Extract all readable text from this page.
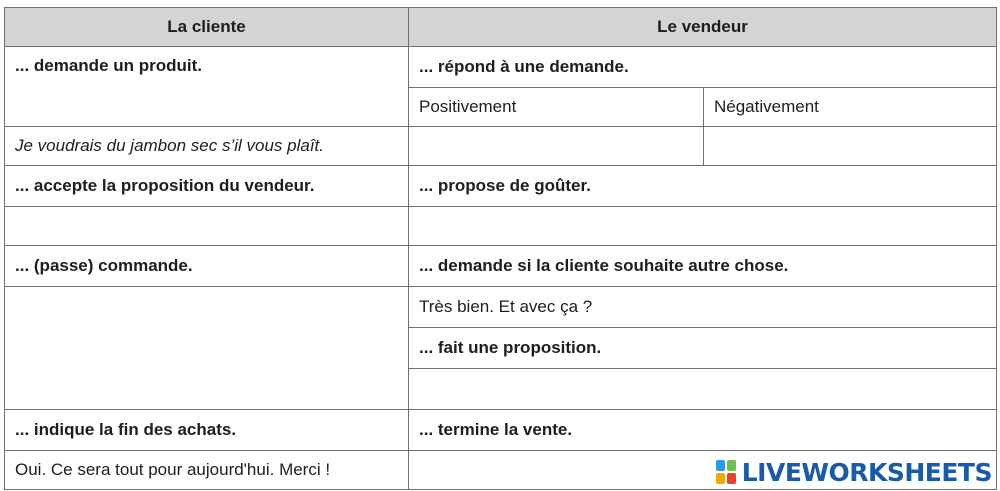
La cliente	Le vendeur	
... demande un produit.	... répond à une demande.	
	Positivement	Négativement
Je voudrais du jambon sec s’il vous plaît.		
... accepte la proposition du vendeur.	... propose de goûter.	

... (passe) commande.	... demande si la cliente souhaite autre chose.	
	Très bien. Et avec ça ?	
	... fait une proposition.	

... indique la fin des achats.	... termine la vente.	
Oui. Ce sera tout pour aujourd'hui. Merci !			LIVEWORKSHEETS
